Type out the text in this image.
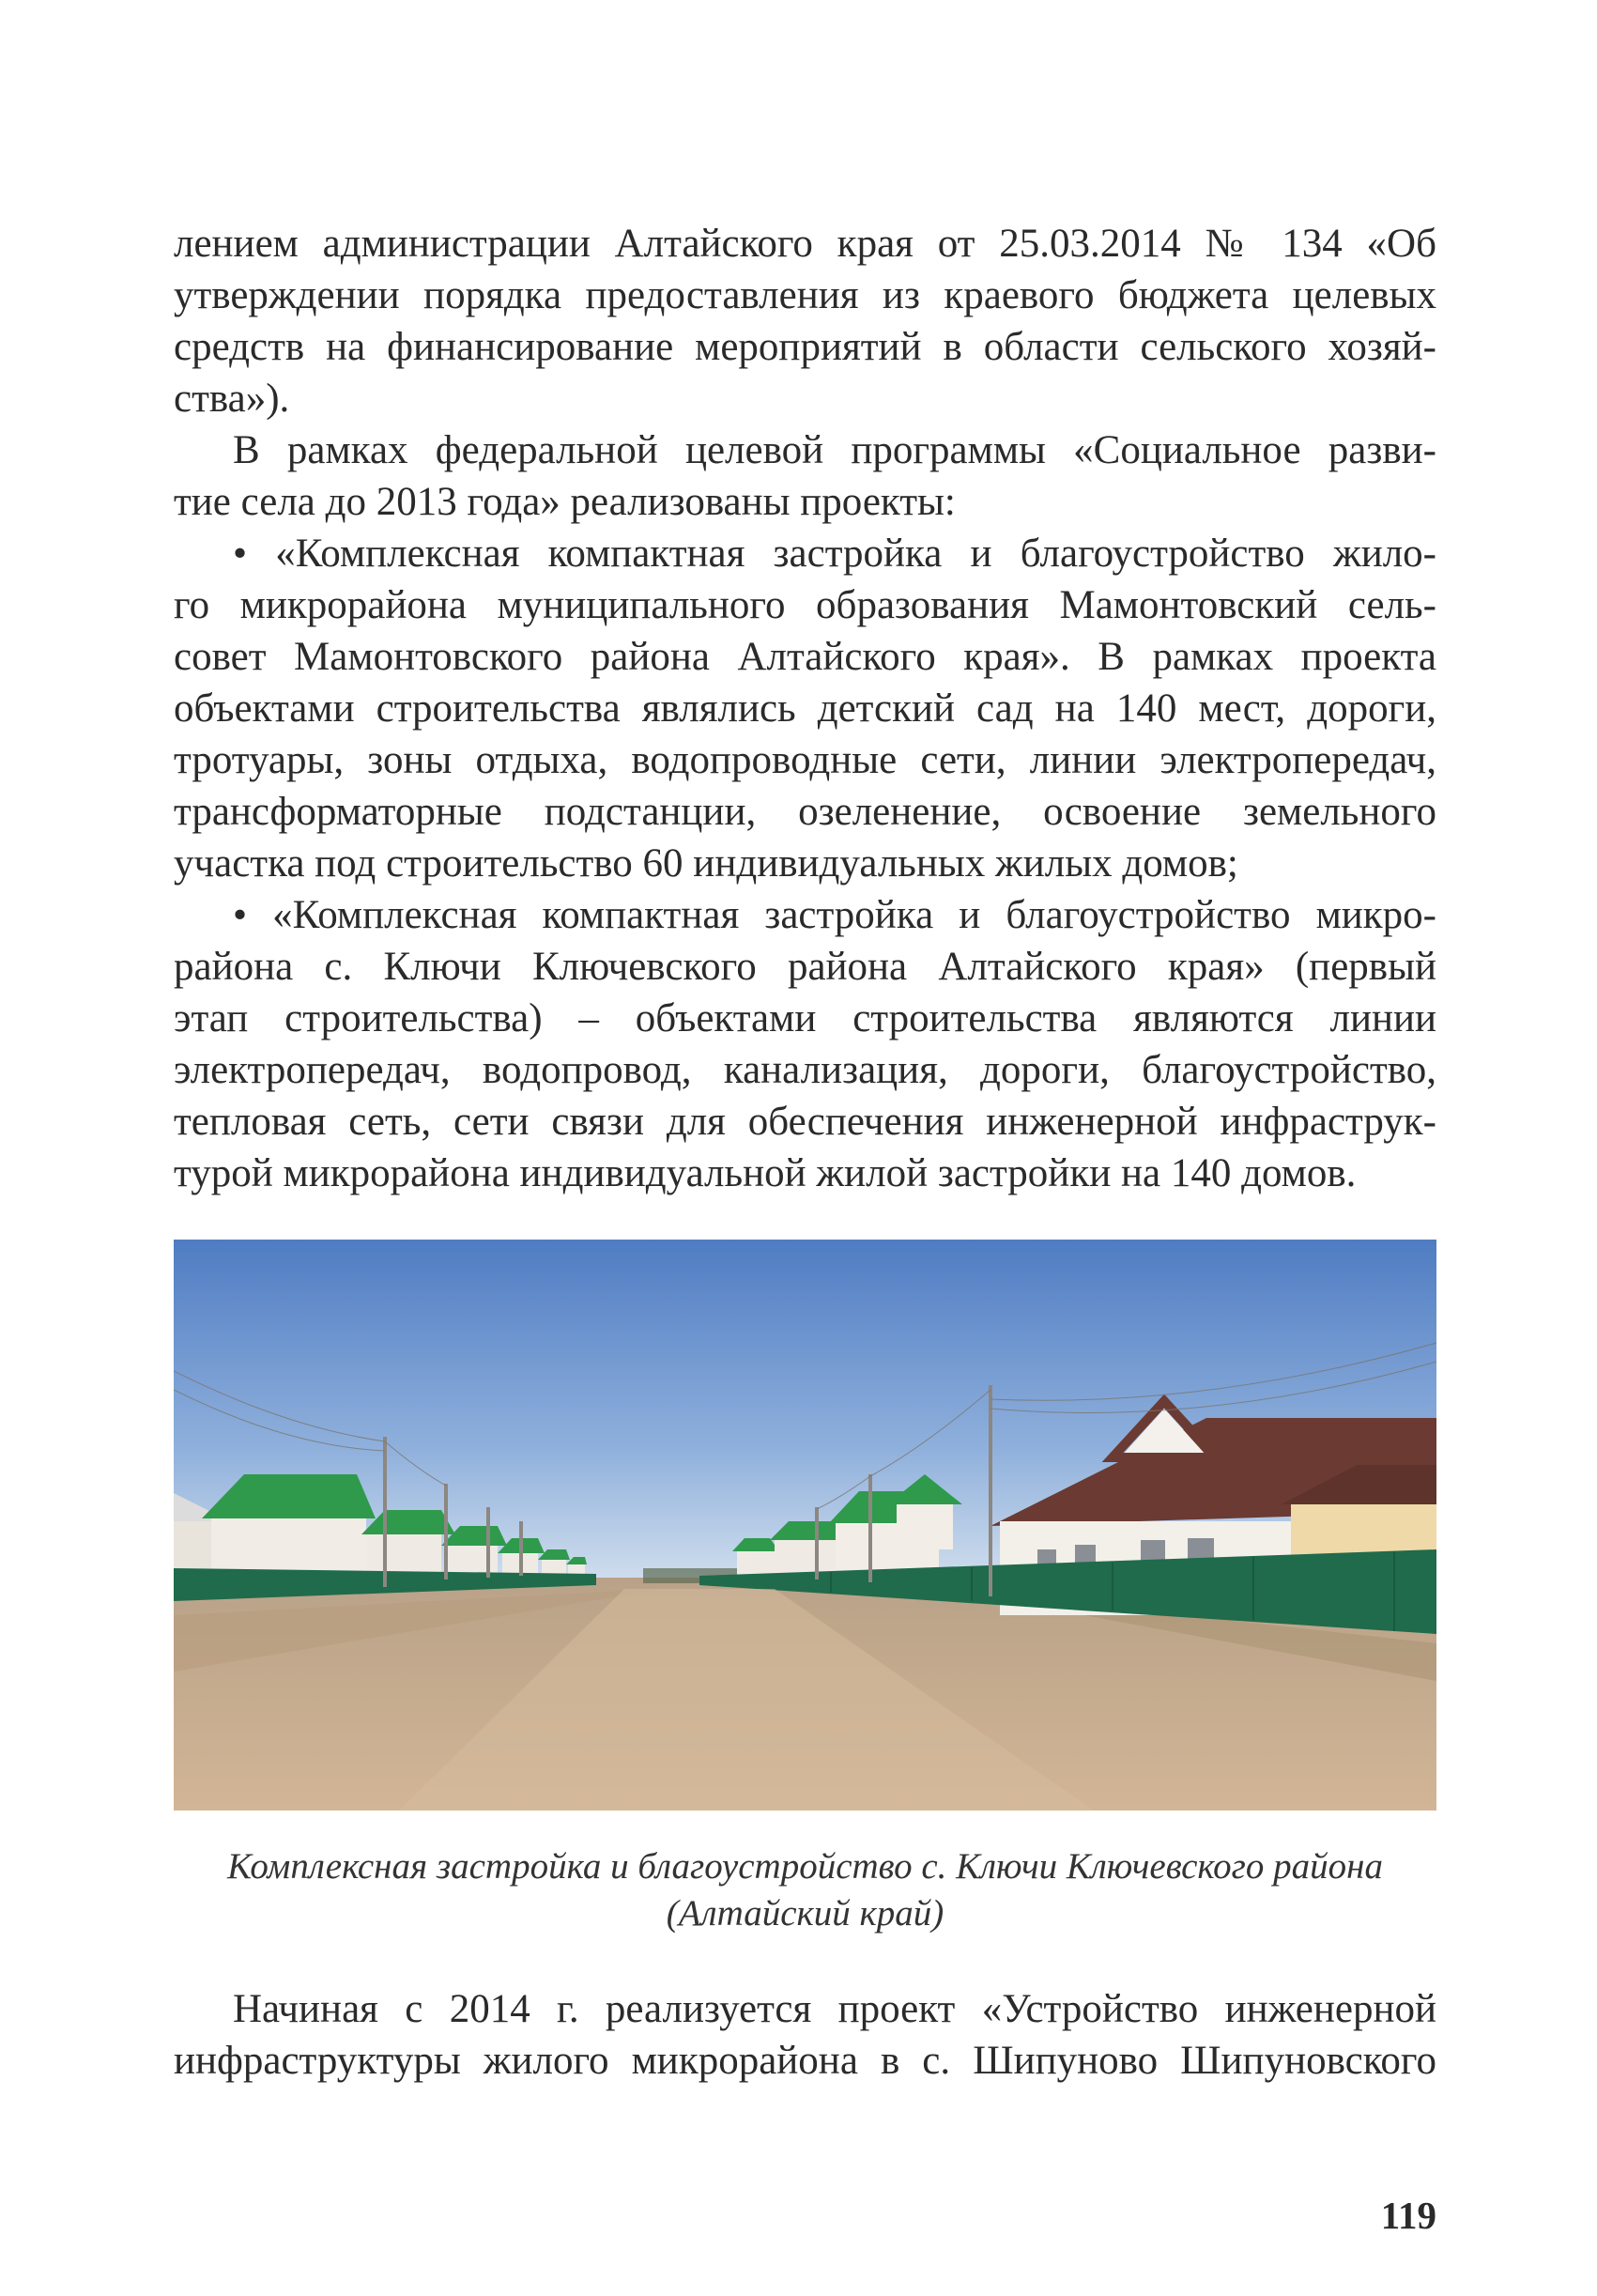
лением администрации Алтайского края от 25.03.2014 № 134 «Об
утверждении порядка предоставления из краевого бюджета целевых
средств на финансирование мероприятий в области сельского хозяй-
ства»).

В рамках федеральной целевой программы «Социальное разви-
тие села до 2013 года» реализованы проекты:

• «Комплексная компактная застройка и благоустройство жило-
го микрорайона муниципального образования Мамонтовский сель-
совет Мамонтовского района Алтайского края». В рамках проекта
объектами строительства являлись детский сад на 140 мест, дороги,
тротуары, зоны отдыха, водопроводные сети, линии электропередач,
трансформаторные подстанции, озеленение, освоение земельного
участка под строительство 60 индивидуальных жилых домов;

• «Комплексная компактная застройка и благоустройство микро-
района с. Ключи Ключевского района Алтайского края» (первый
этап строительства) – объектами строительства являются линии
электропередач, водопровод, канализация, дороги, благоустройство,
тепловая сеть, сети связи для обеспечения инженерной инфраструк-
турой микрорайона индивидуальной жилой застройки на 140 домов.

Комплексная застройка и благоустройство с. Ключи Ключевского района
(Алтайский край)

Начиная с 2014 г. реализуется проект «Устройство инженерной
инфраструктуры жилого микрорайона в с. Шипуново Шипуновского

119
